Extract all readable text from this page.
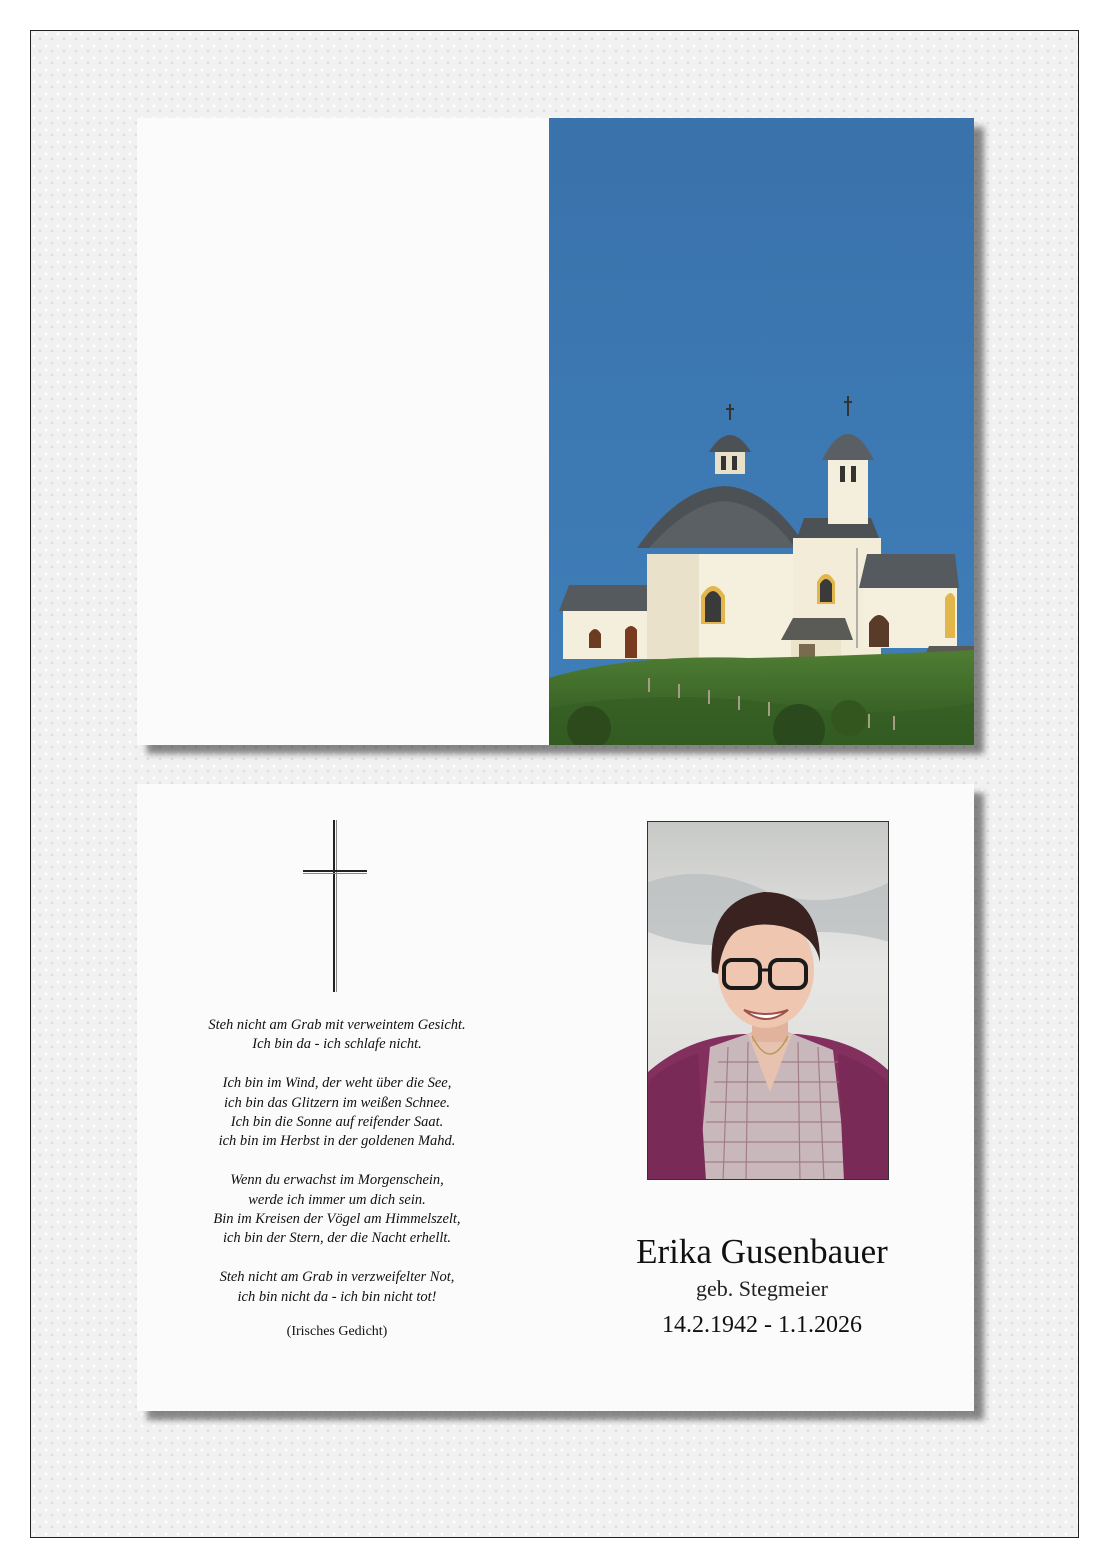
Steh nicht am Grab mit verweintem Gesicht.
Ich bin da - ich schlafe nicht.
Ich bin im Wind, der weht über die See,
ich bin das Glitzern im weißen Schnee.
Ich bin die Sonne auf reifender Saat.
ich bin im Herbst in der goldenen Mahd.
Wenn du erwachst im Morgenschein,
werde ich immer um dich sein.
Bin im Kreisen der Vögel am Himmelszelt,
ich bin der Stern, der die Nacht erhellt.
Steh nicht am Grab in verzweifelter Not,
ich bin nicht da - ich bin nicht tot!
(Irisches Gedicht)
Erika Gusenbauer
geb. Stegmeier
14.2.1942 - 1.1.2026
